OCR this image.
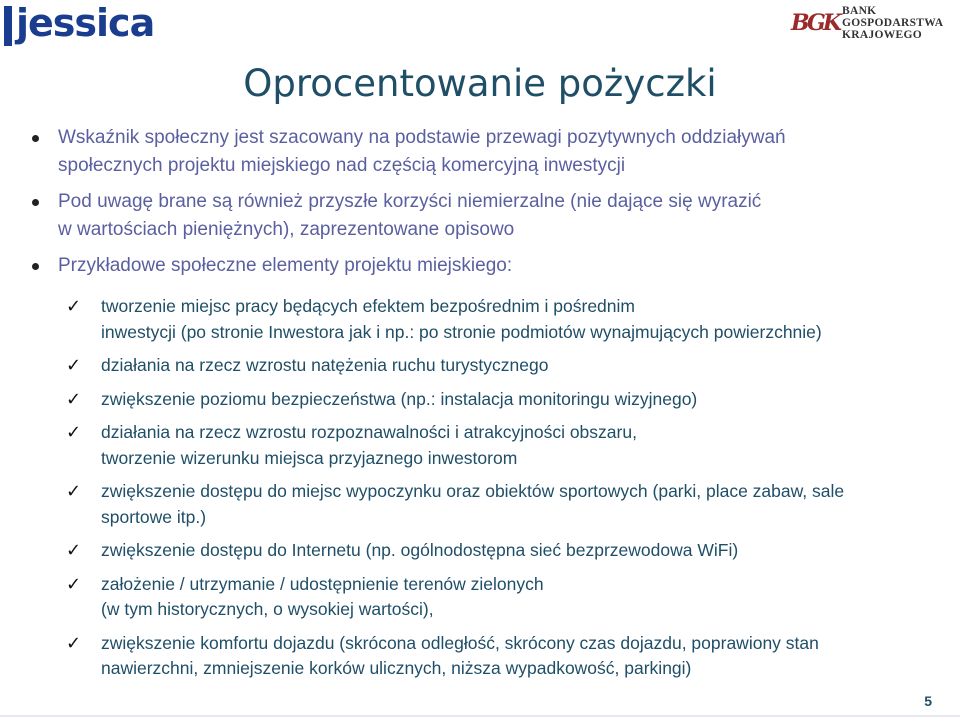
jessica	BGK BANK
GOSPODARSTWA
KRAJOWEGO
Oprocentowanie pożyczki
Wskaźnik społeczny jest szacowany na podstawie przewagi pozytywnych oddziaływań
społecznych projektu miejskiego nad częścią komercyjną inwestycji
Pod uwagę brane są również przyszłe korzyści niemierzalne (nie dające się wyrazić
w wartościach pieniężnych), zaprezentowane opisowo
Przykładowe społeczne elementy projektu miejskiego:
✓ tworzenie miejsc pracy będących efektem bezpośrednim i pośrednim
inwestycji (po stronie Inwestora jak i np.: po stronie podmiotów wynajmujących powierzchnie)
✓ działania na rzecz wzrostu natężenia ruchu turystycznego
✓ zwiększenie poziomu bezpieczeństwa (np.: instalacja monitoringu wizyjnego)
✓ działania na rzecz wzrostu rozpoznawalności i atrakcyjności obszaru,
tworzenie wizerunku miejsca przyjaznego inwestorom
✓ zwiększenie dostępu do miejsc wypoczynku oraz obiektów sportowych (parki, place zabaw, sale
sportowe itp.)
✓ zwiększenie dostępu do Internetu (np. ogólnodostępna sieć bezprzewodowa WiFi)
✓ założenie / utrzymanie / udostępnienie terenów zielonych
(w tym historycznych, o wysokiej wartości),
✓ zwiększenie komfortu dojazdu (skrócona odległość, skrócony czas dojazdu, poprawiony stan
nawierzchni, zmniejszenie korków ulicznych, niższa wypadkowość, parkingi)
5
